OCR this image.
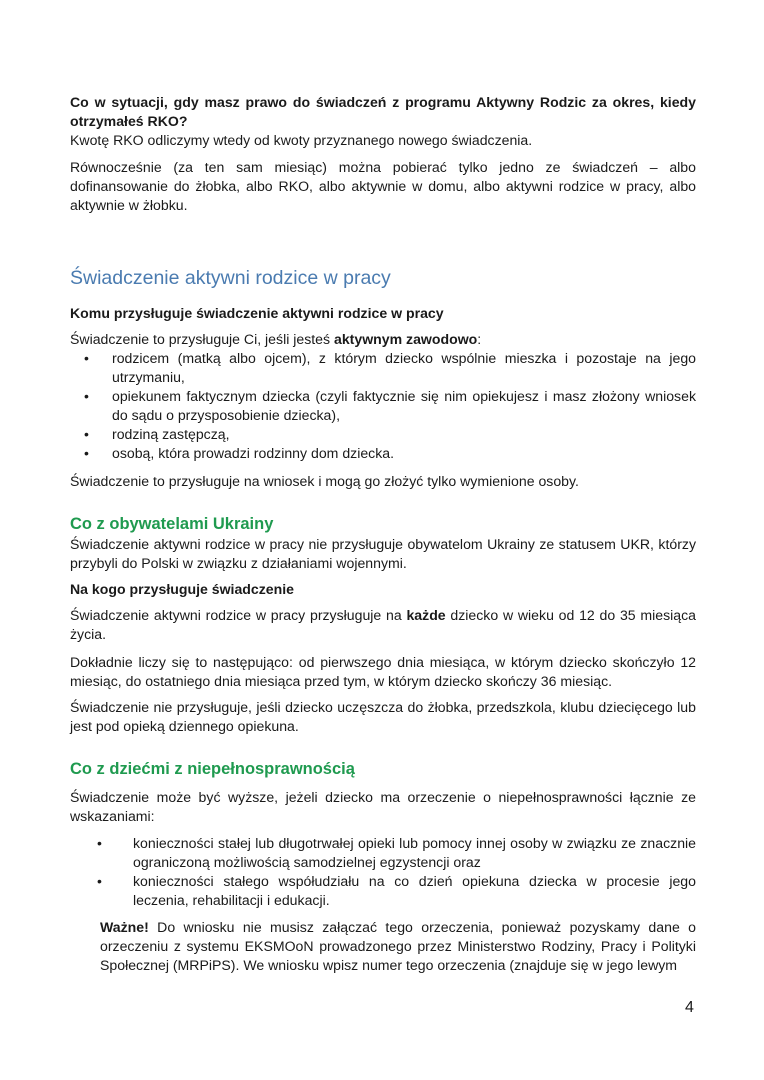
Co w sytuacji, gdy masz prawo do świadczeń z programu Aktywny Rodzic za okres, kiedy otrzymałeś RKO?

Kwotę RKO odliczymy wtedy od kwoty przyznanego nowego świadczenia.

Równocześnie (za ten sam miesiąc) można pobierać tylko jedno ze świadczeń – albo dofinansowanie do żłobka, albo RKO, albo aktywnie w domu, albo aktywni rodzice w pracy, albo aktywnie w żłobku.

Świadczenie aktywni rodzice w pracy

Komu przysługuje świadczenie aktywni rodzice w pracy

Świadczenie to przysługuje Ci, jeśli jesteś aktywnym zawodowo:

• rodzicem (matką albo ojcem), z którym dziecko wspólnie mieszka i pozostaje na jego utrzymaniu,
• opiekunem faktycznym dziecka (czyli faktycznie się nim opiekujesz i masz złożony wniosek do sądu o przysposobienie dziecka),
• rodziną zastępczą,
• osobą, która prowadzi rodzinny dom dziecka.

Świadczenie to przysługuje na wniosek i mogą go złożyć tylko wymienione osoby.

Co z obywatelami Ukrainy

Świadczenie aktywni rodzice w pracy nie przysługuje obywatelom Ukrainy ze statusem UKR, którzy przybyli do Polski w związku z działaniami wojennymi.

Na kogo przysługuje świadczenie

Świadczenie aktywni rodzice w pracy przysługuje na każde dziecko w wieku od 12 do 35 miesiąca życia.

Dokładnie liczy się to następująco: od pierwszego dnia miesiąca, w którym dziecko skończyło 12 miesiąc, do ostatniego dnia miesiąca przed tym, w którym dziecko skończy 36 miesiąc.

Świadczenie nie przysługuje, jeśli dziecko uczęszcza do żłobka, przedszkola, klubu dziecięcego lub jest pod opieką dziennego opiekuna.

Co z dziećmi z niepełnosprawnością

Świadczenie może być wyższe, jeżeli dziecko ma orzeczenie o niepełnosprawności łącznie ze wskazaniami:

• konieczności stałej lub długotrwałej opieki lub pomocy innej osoby w związku ze znacznie ograniczoną możliwością samodzielnej egzystencji oraz
• konieczności stałego współudziału na co dzień opiekuna dziecka w procesie jego leczenia, rehabilitacji i edukacji.

Ważne! Do wniosku nie musisz załączać tego orzeczenia, ponieważ pozyskamy dane o orzeczeniu z systemu EKSMOoN prowadzonego przez Ministerstwo Rodziny, Pracy i Polityki Społecznej (MRPiPS). We wniosku wpisz numer tego orzeczenia (znajduje się w jego lewym

4
